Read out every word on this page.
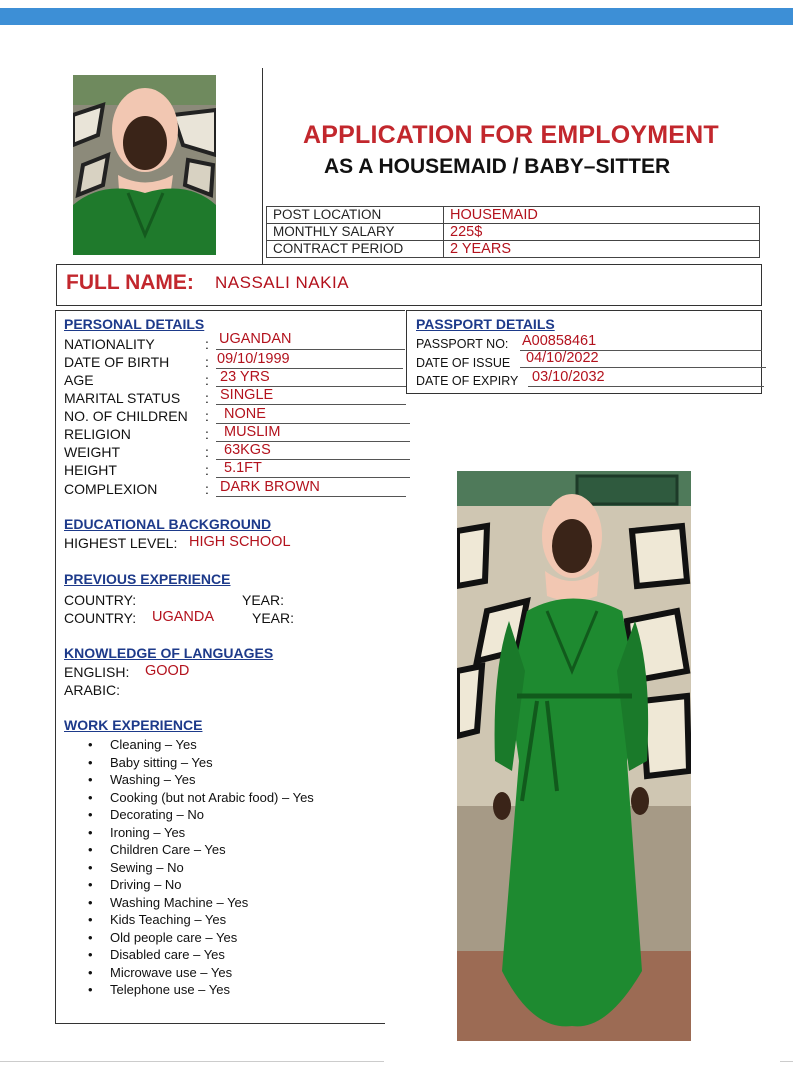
APPLICATION FOR EMPLOYMENT
AS A HOUSEMAID / BABY–SITTER
POST LOCATION	HOUSEMAID
MONTHLY SALARY	225$
CONTRACT PERIOD	2 YEARS
FULL NAME: NASSALI NAKIA
PERSONAL DETAILS
NATIONALITY	: UGANDAN
DATE OF BIRTH	: 09/10/1999
AGE	: 23 YRS
MARITAL STATUS : SINGLE
NO. OF CHILDREN :	NONE
RELIGION	:	MUSLIM
WEIGHT	:	63KGS
HEIGHT	:	5.1FT
COMPLEXION	: DARK BROWN
PASSPORT DETAILS
PASSPORT NO: A00858461
DATE OF ISSUE	04/10/2022
DATE OF EXPIRY 03/10/2032
EDUCATIONAL BACKGROUND
HIGHEST LEVEL: HIGH SCHOOL
PREVIOUS EXPERIENCE
COUNTRY:	YEAR:
COUNTRY: UGANDA	YEAR:
KNOWLEDGE OF LANGUAGES
ENGLISH: GOOD
ARABIC:
WORK EXPERIENCE
• Cleaning – Yes
• Baby sitting – Yes
• Washing – Yes
• Cooking (but not Arabic food) – Yes
• Decorating – No
• Ironing – Yes
• Children Care – Yes
• Sewing – No
• Driving – No
• Washing Machine – Yes
• Kids Teaching – Yes
• Old people care – Yes
• Disabled care – Yes
• Microwave use – Yes
• Telephone use – Yes
